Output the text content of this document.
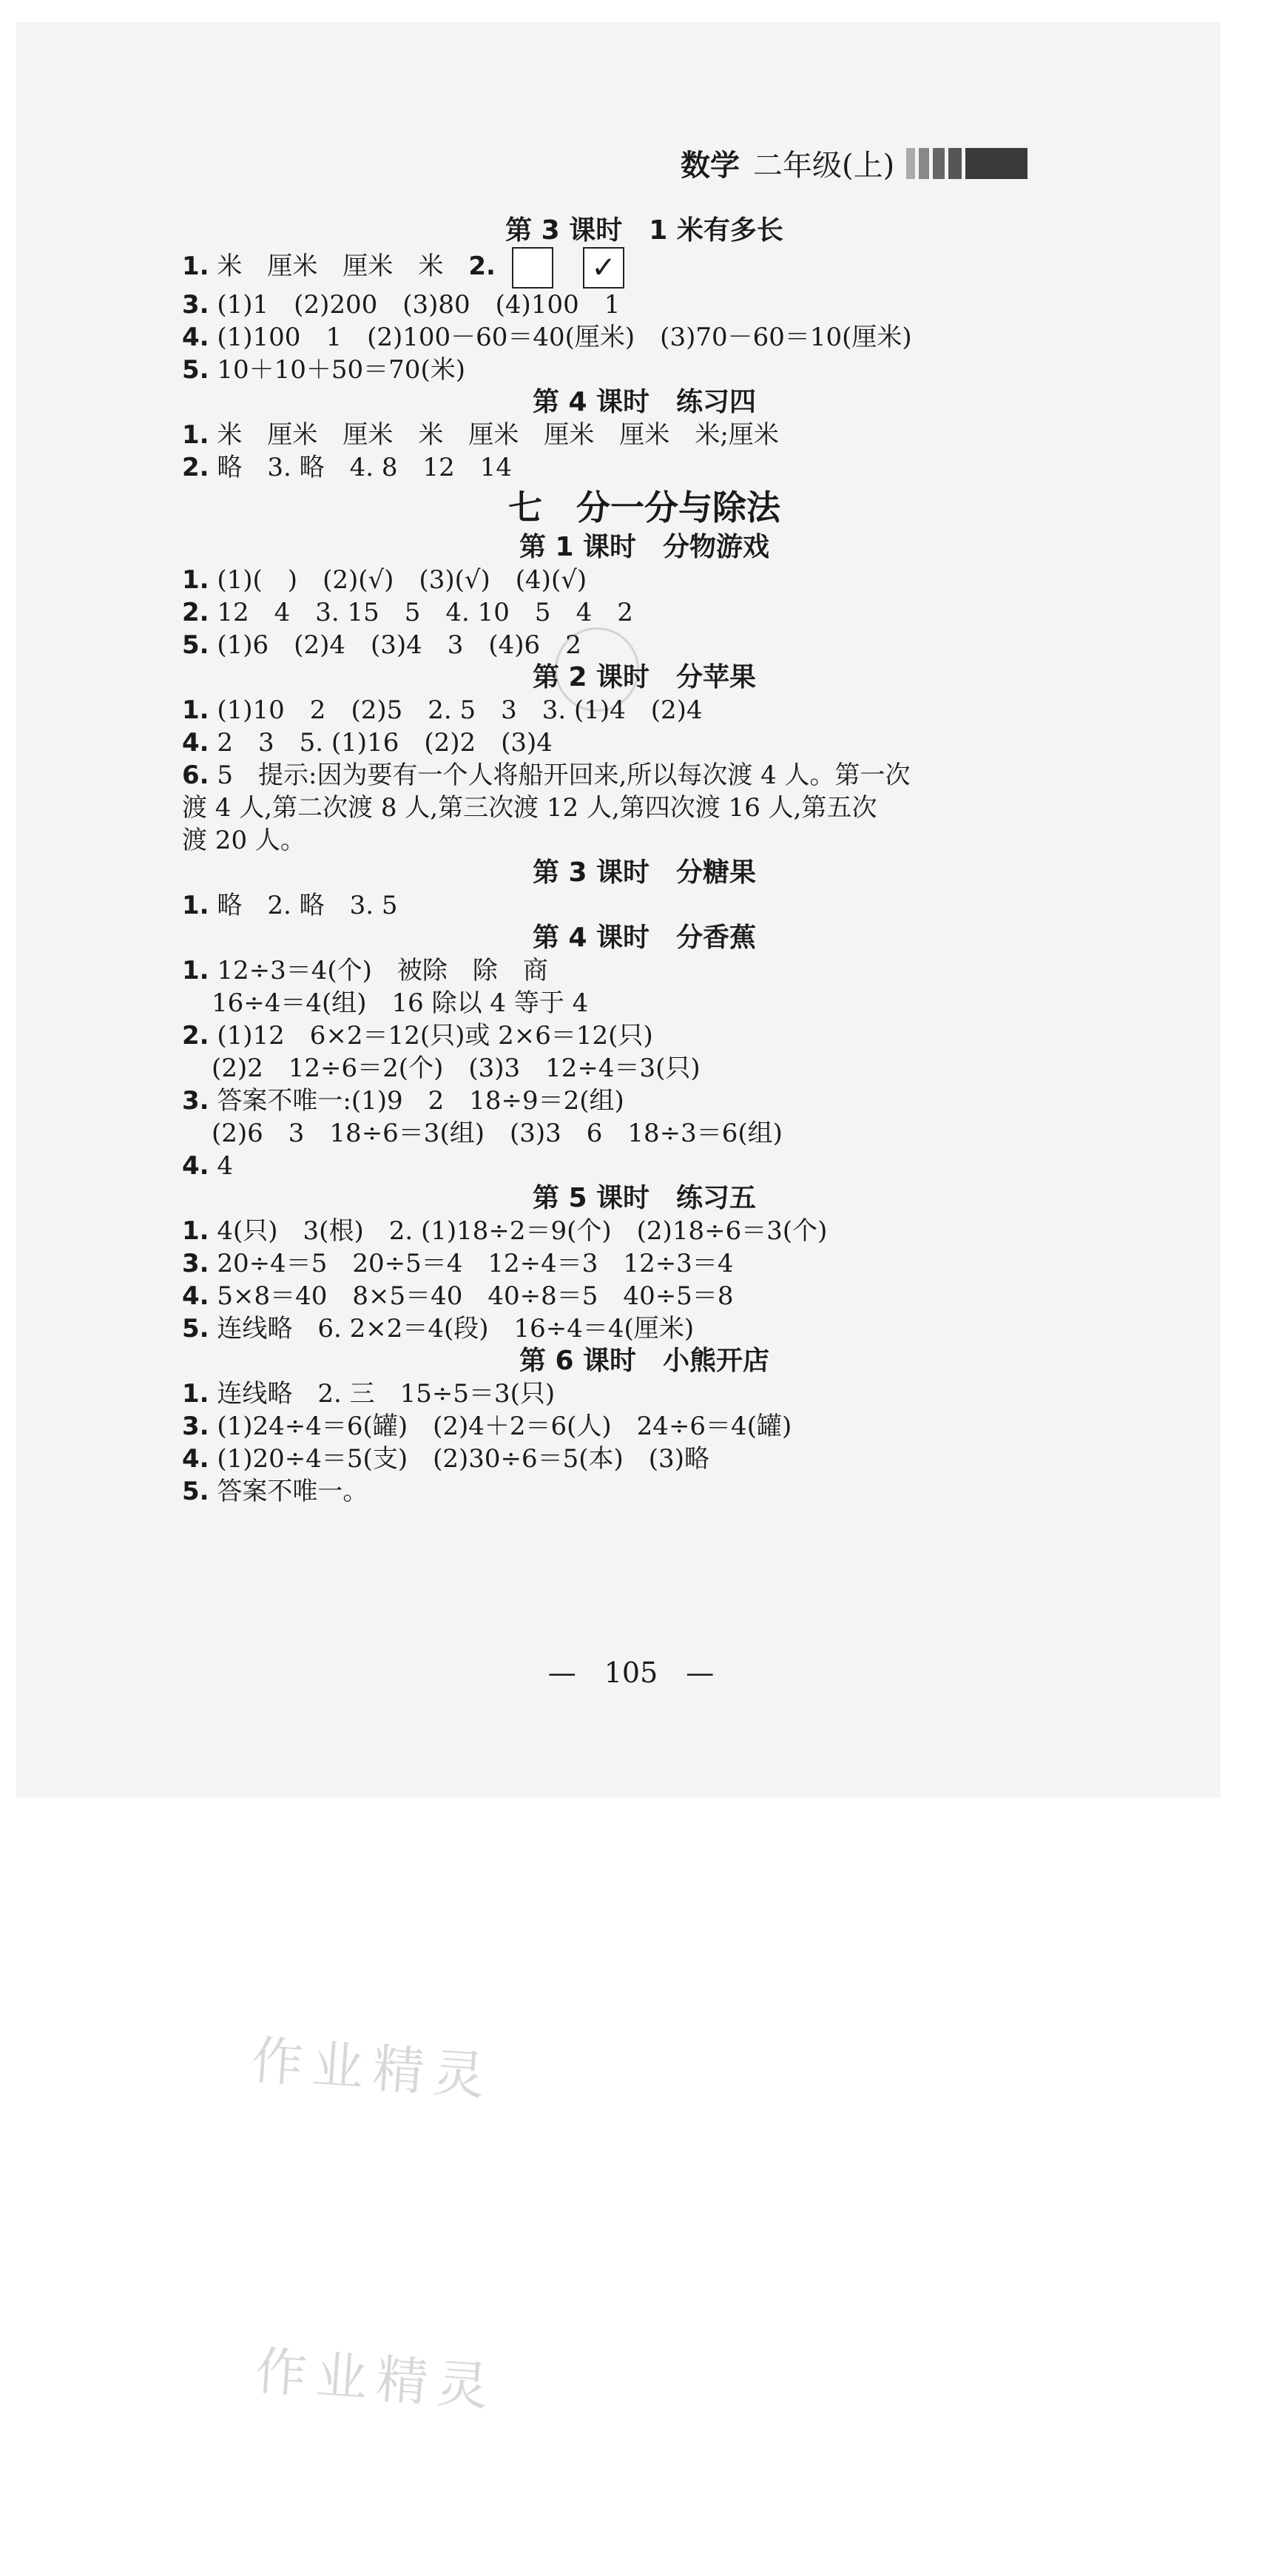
数学 二年级(上)
第 3 课时　1 米有多长
1. 米　厘米　厘米　米　2.	✓
3. (1)1　(2)200　(3)80　(4)100　1
4. (1)100　1　(2)100－60＝40(厘米)　(3)70－60＝10(厘米)
5. 10＋10＋50＝70(米)
第 4 课时　练习四
1. 米　厘米　厘米　米　厘米　厘米　厘米　米;厘米
2. 略　3. 略　4. 8　12　14
七　分一分与除法
第 1 课时　分物游戏
1. (1)(　)　(2)(√)　(3)(√)　(4)(√)
2. 12　4　3. 15　5　4. 10　5　4　2
5. (1)6　(2)4　(3)4　3　(4)6　2
第 2 课时　分苹果
1. (1)10　2　(2)5　2. 5　3　3. (1)4　(2)4
4. 2　3　5. (1)16　(2)2　(3)4
6. 5　提示:因为要有一个人将船开回来,所以每次渡 4 人。第一次
渡 4 人,第二次渡 8 人,第三次渡 12 人,第四次渡 16 人,第五次
渡 20 人。
第 3 课时　分糖果
1. 略　2. 略　3. 5
第 4 课时　分香蕉
1. 12÷3＝4(个)　被除　除　商
16÷4＝4(组)　16 除以 4 等于 4
2. (1)12　6×2＝12(只)或 2×6＝12(只)
(2)2　12÷6＝2(个)　(3)3　12÷4＝3(只)
3. 答案不唯一:(1)9　2　18÷9＝2(组)
(2)6　3　18÷6＝3(组)　(3)3　6　18÷3＝6(组)
4. 4
第 5 课时　练习五
1. 4(只)　3(根)　2. (1)18÷2＝9(个)　(2)18÷6＝3(个)
3. 20÷4＝5　20÷5＝4　12÷4＝3　12÷3＝4
4. 5×8＝40　8×5＝40　40÷8＝5　40÷5＝8
5. 连线略　6. 2×2＝4(段)　16÷4＝4(厘米)
第 6 课时　小熊开店
1. 连线略　2. 三　15÷5＝3(只)
3. (1)24÷4＝6(罐)　(2)4＋2＝6(人)　24÷6＝4(罐)
4. (1)20÷4＝5(支)　(2)30÷6＝5(本)　(3)略
5. 答案不唯一。
—　105　—
作业精灵
作业精灵
